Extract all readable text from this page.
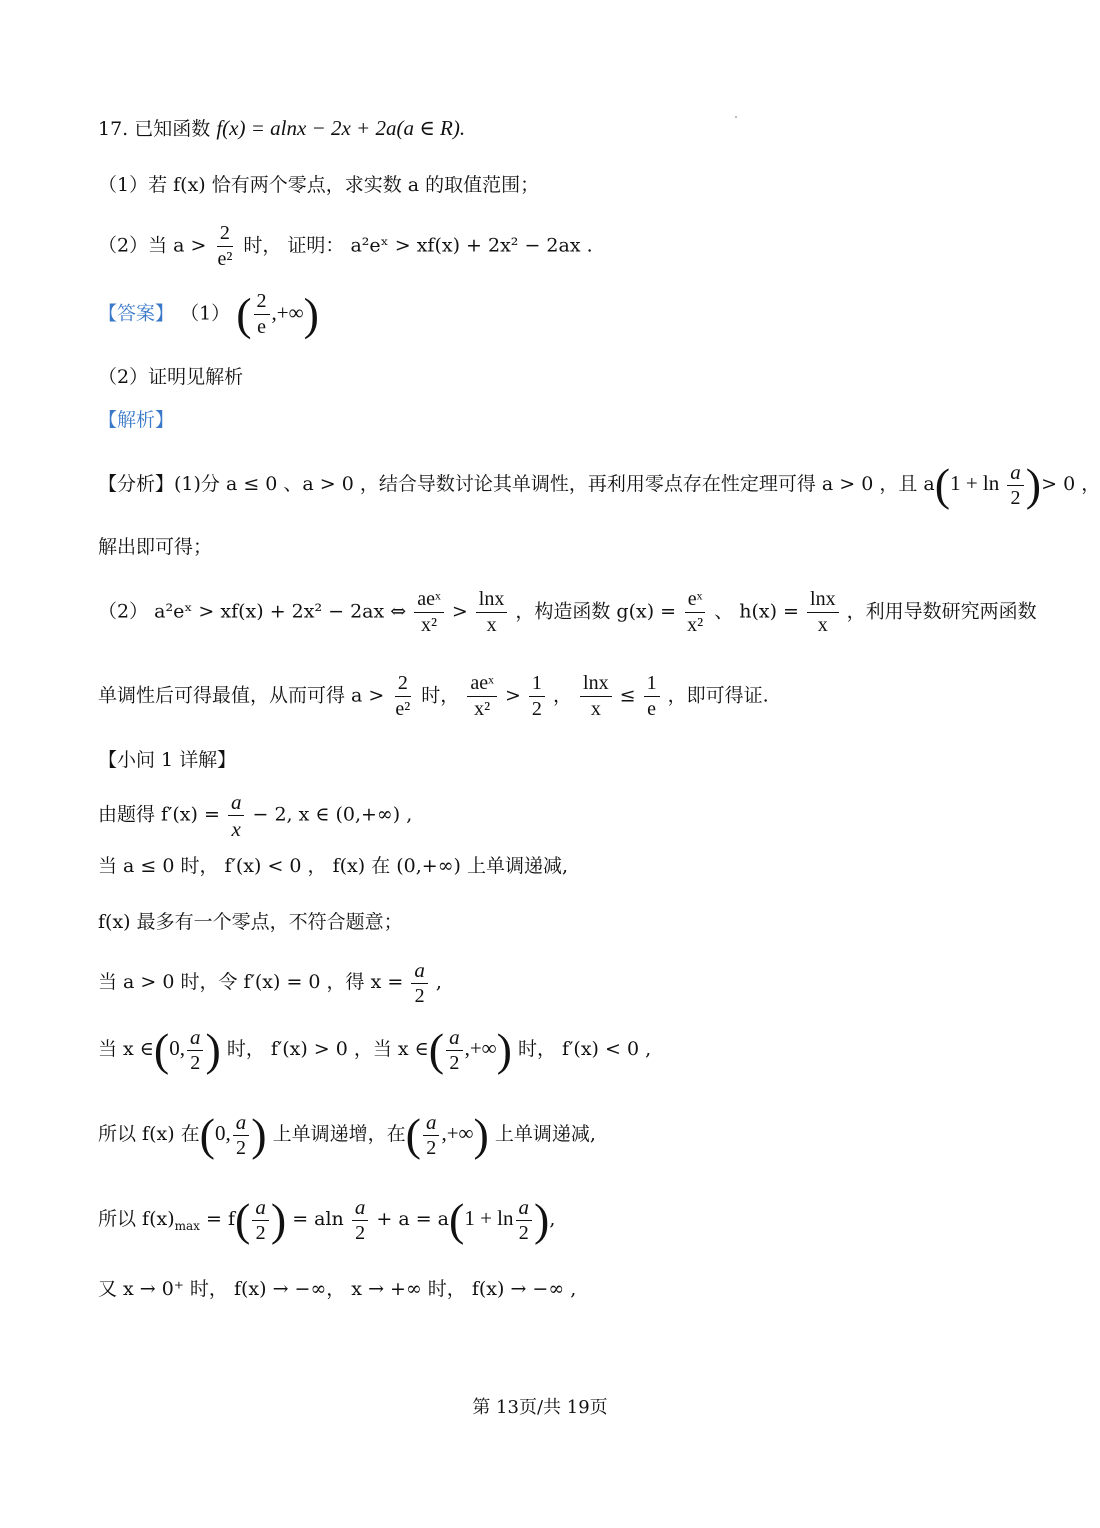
17. 已知函数 f(x) = alnx − 2x + 2a(a ∈ R).
（1）若 f(x) 恰有两个零点，求实数 a 的取值范围；
（2）当 $a > \frac{2}{\text{e²}}$ 时， 证明： a²eˣ > xf(x) + 2x² − 2ax .
【答案】 （1） ( $\frac{2}{e}$ ,+∞)
（2）证明见解析
【解析】
【分析】(1)分 a ≤ 0 、a > 0 ，结合导数讨论其单调性，再利用零点存在性定理可得 a > 0 ，且 $a(1 + \ln \frac{a}{2}$ )> 0 ，
解出即可得；
（2） a²eˣ > xf(x) + 2x² − 2ax ⇔ $\frac{\text{aeˣ}}{\text{x²}} > \frac{\ln x}{x}$ ，构造函数 $g(x) = \frac{\text{eˣ}}{\text{x²}}$ 、 $h(x) = \frac{\ln x}{x}$ ，利用导数研究两函数
单调性后可得最值，从而可得 $a > \frac{2}{\text{e²}}$ 时， $\frac{\text{aeˣ}}{\text{x²}} > \frac{1}{2}$ ， $\frac{\ln x}{x} \le \frac{1}{e}$ ，即可得证.
【小问 1 详解】
由题得 $f'(x) = \frac{a}{x} - 2$, x ∈ (0,+∞) ,
当 a ≤ 0 时， f′(x) < 0 ， f(x) 在 (0,+∞) 上单调递减,
f(x) 最多有一个零点，不符合题意；
当 a > 0 时，令 f′(x) = 0 ，得 $x = \frac{a}{2}$ ,
当 x ∈(0, $\frac{a}{2}$ ) 时， f′(x) > 0 ，当 x ∈( $\frac{a}{2}$ ,+∞) 时， f′(x) < 0 ,
所以 f(x) 在(0, $\frac{a}{2}$ ) 上单调递增，在( $\frac{a}{2}$ ,+∞) 上单调递减,
所以 $f(x)_{max} = f( \frac{a}{2}$ ) = aln $\frac{a}{2} + a = a(1 + \ln \frac{a}{2}$ ),
又 x → 0⁺ 时， f(x) → −∞， x → +∞ 时， f(x) → −∞ ,
第 13页/共 19页
